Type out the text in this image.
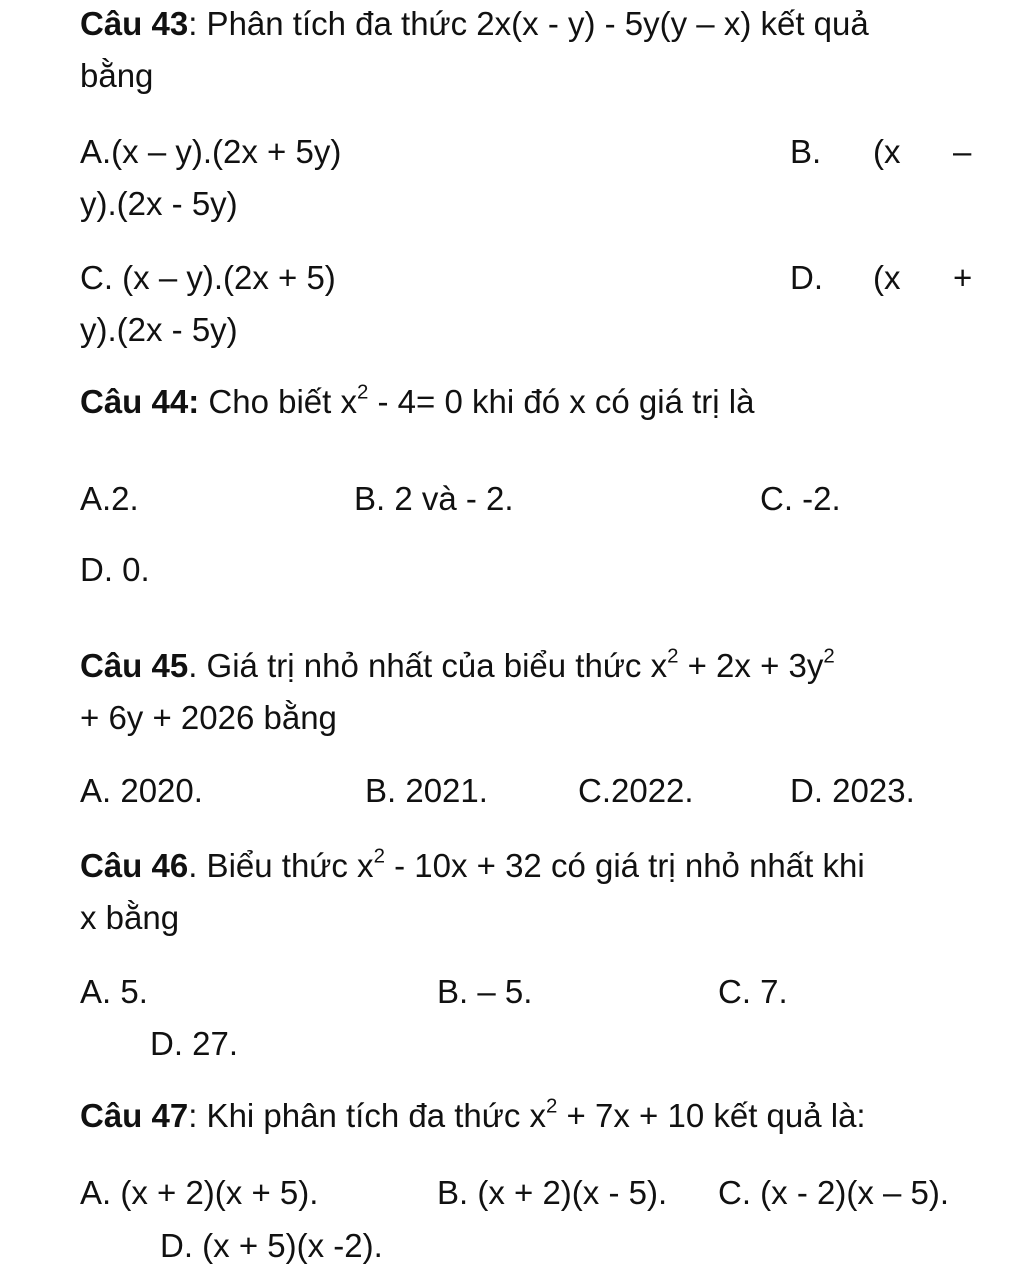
Câu 43: Phân tích đa thức 2x(x - y) - 5y(y – x) kết quả
bằng
A.(x – y).(2x + 5y)	B. (x –
y).(2x - 5y)
C. (x – y).(2x + 5)	D. (x +
y).(2x - 5y)
Câu 44: Cho biết $x^2 - 4= 0$ khi đó x có giá trị là
A.2.	B. 2 và - 2.	C. -2.
D. 0.
Câu 45. Giá trị nhỏ nhất của biểu thức $x^2 + 2x + 3y^2$
+ 6y + 2026 bằng
A. 2020.	B. 2021.	C.2022.	D. 2023.
Câu 46. Biểu thức $x^2 - 10x + 32$ có giá trị nhỏ nhất khi
x bằng
A. 5.	B. – 5.	C. 7.
D. 27.
Câu 47: Khi phân tích đa thức $x^2 + 7x + 10$ kết quả là:
A. (x + 2)(x + 5).	B. (x + 2)(x - 5). C. (x - 2)(x – 5).
D. (x + 5)(x -2).
